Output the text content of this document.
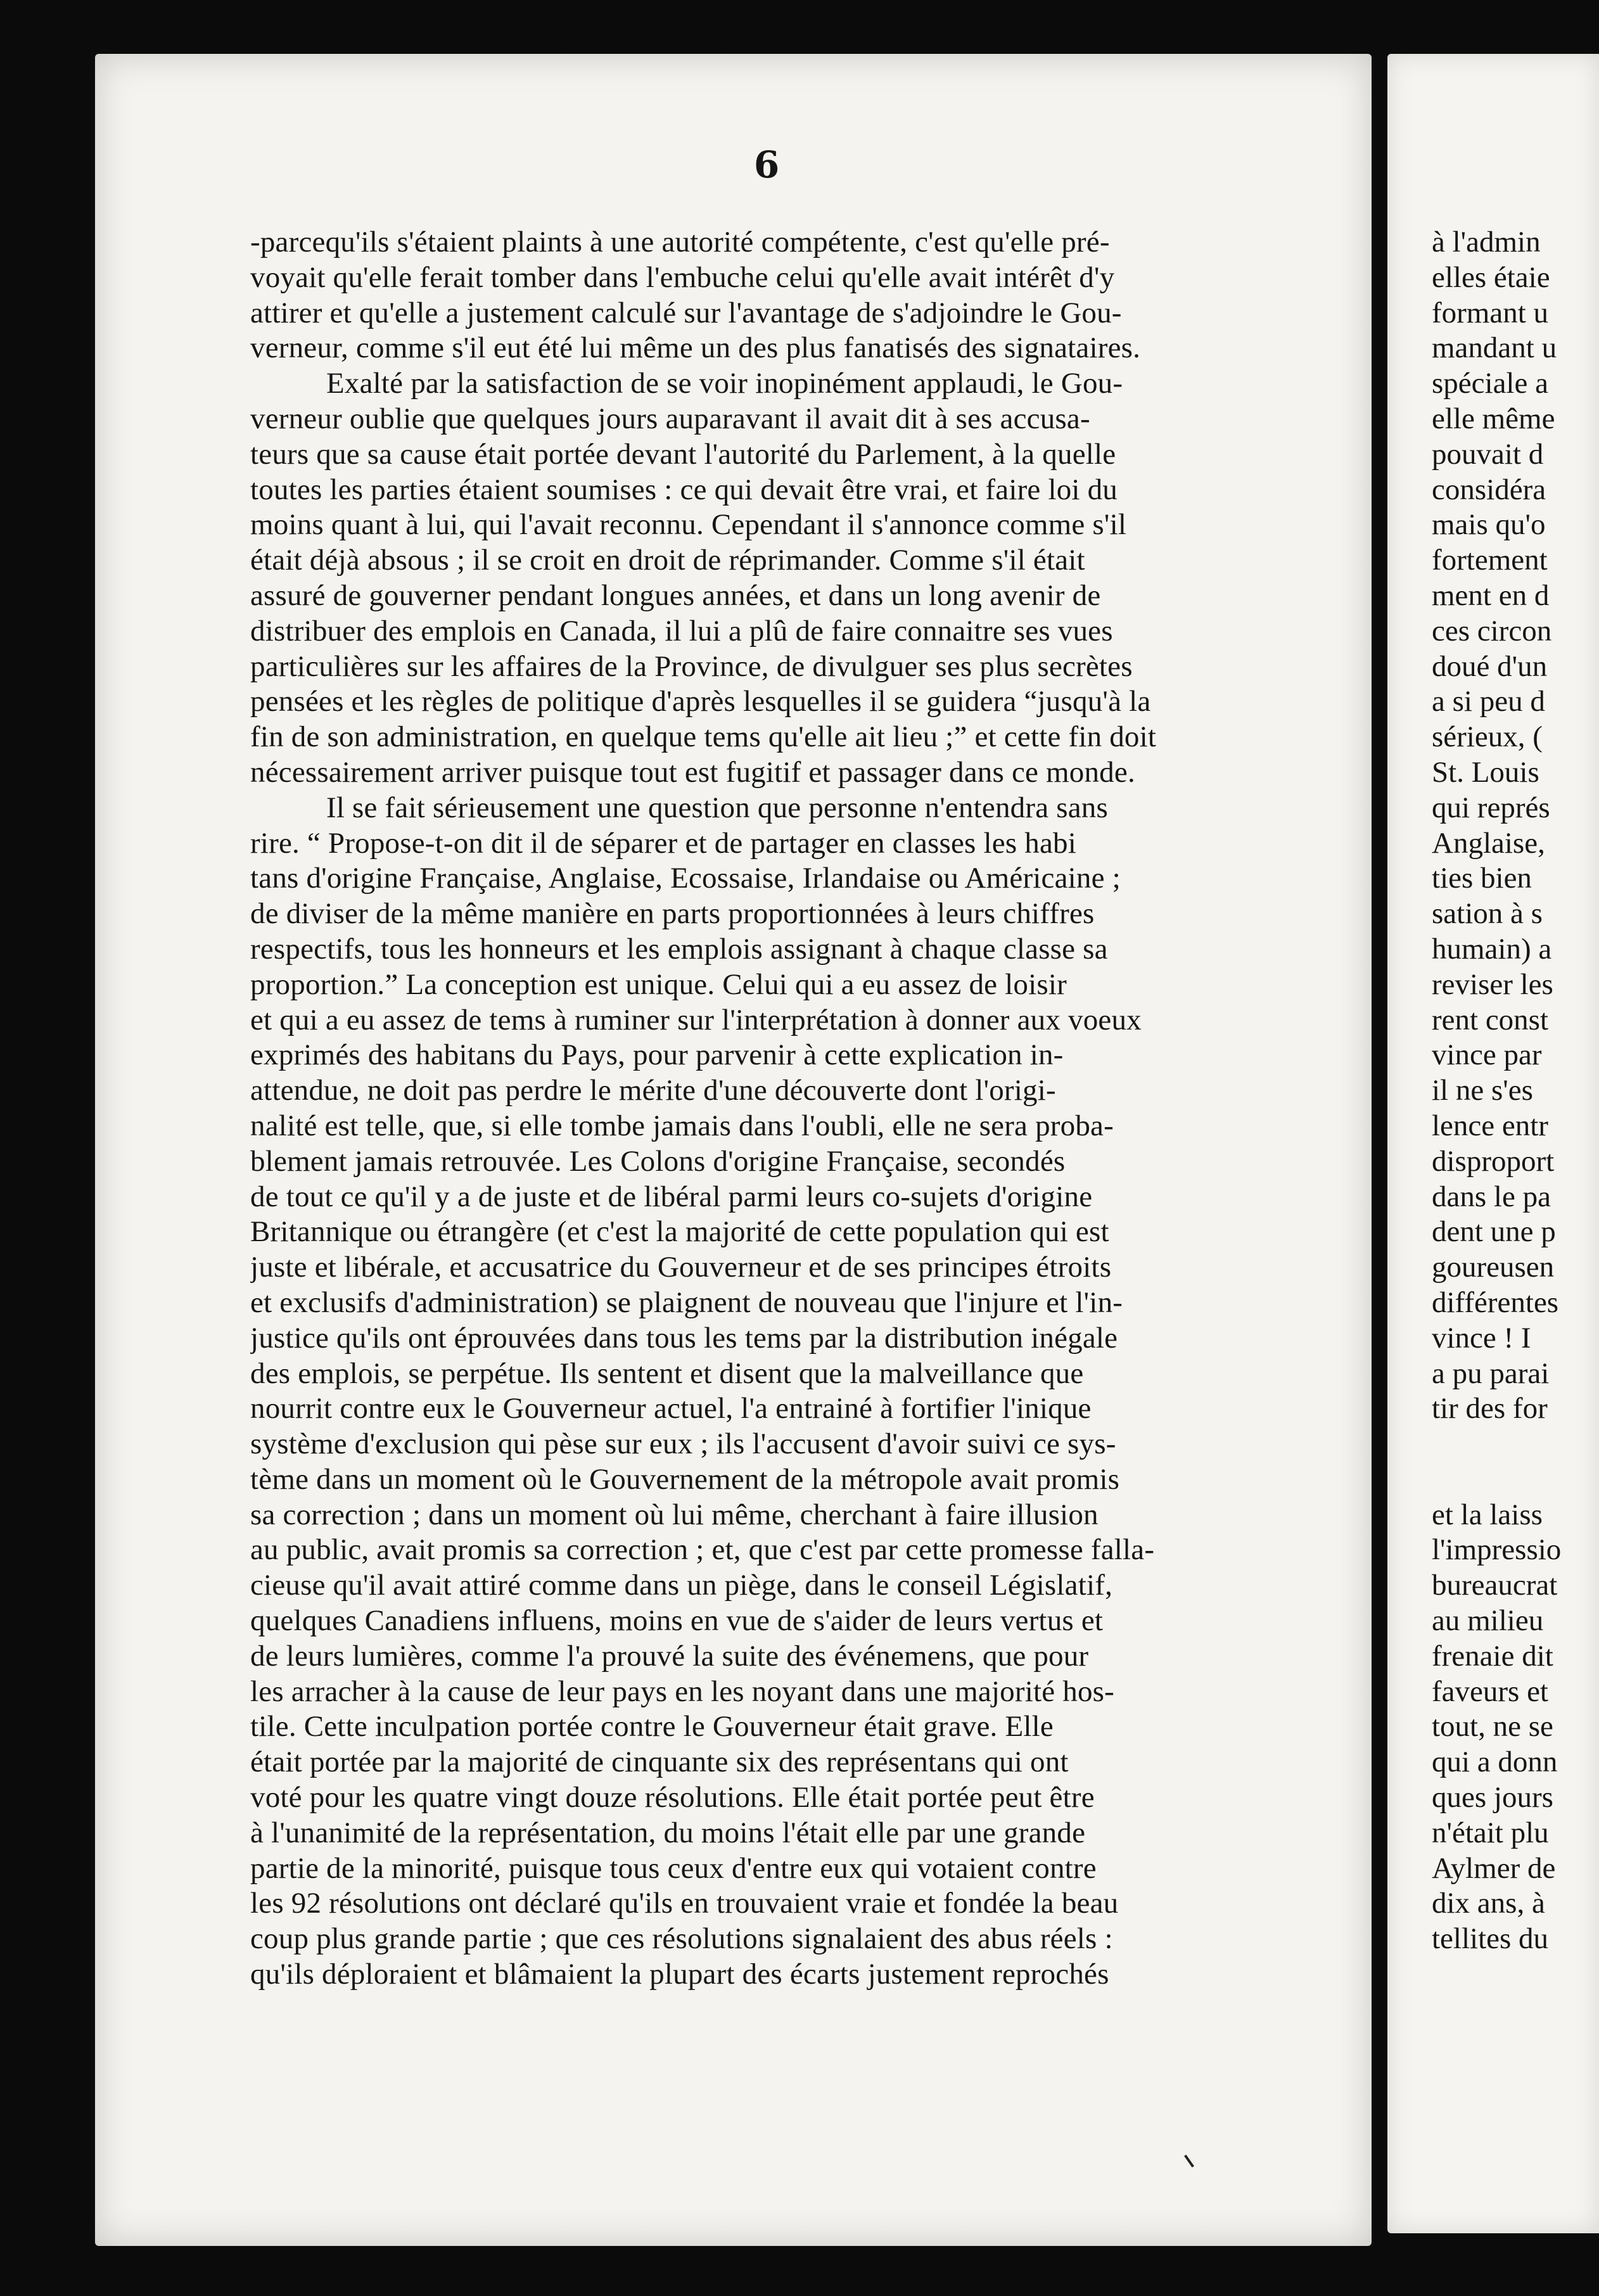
6
-parcequ'ils s'étaient plaints à une autorité compétente, c'est qu'elle pré-
voyait qu'elle ferait tomber dans l'embuche celui qu'elle avait intérêt d'y
attirer et qu'elle a justement calculé sur l'avantage de s'adjoindre le Gou-
verneur, comme s'il eut été lui même un des plus fanatisés des signataires.
Exalté par la satisfaction de se voir inopinément applaudi, le Gou-
verneur oublie que quelques jours auparavant il avait dit à ses accusa-
teurs que sa cause était portée devant l'autorité du Parlement, à la quelle
toutes les parties étaient soumises : ce qui devait être vrai, et faire loi du
moins quant à lui, qui l'avait reconnu. Cependant il s'annonce comme s'il
était déjà absous ; il se croit en droit de réprimander. Comme s'il était
assuré de gouverner pendant longues années, et dans un long avenir de
distribuer des emplois en Canada, il lui a plû de faire connaitre ses vues
particulières sur les affaires de la Province, de divulguer ses plus secrètes
pensées et les règles de politique d'après lesquelles il se guidera “jusqu'à la
fin de son administration, en quelque tems qu'elle ait lieu ;” et cette fin doit
nécessairement arriver puisque tout est fugitif et passager dans ce monde.
Il se fait sérieusement une question que personne n'entendra sans
rire. “ Propose-t-on dit il de séparer et de partager en classes les habi
tans d'origine Française, Anglaise, Ecossaise, Irlandaise ou Américaine ;
de diviser de la même manière en parts proportionnées à leurs chiffres
respectifs, tous les honneurs et les emplois assignant à chaque classe sa
proportion.” La conception est unique. Celui qui a eu assez de loisir
et qui a eu assez de tems à ruminer sur l'interprétation à donner aux voeux
exprimés des habitans du Pays, pour parvenir à cette explication in-
attendue, ne doit pas perdre le mérite d'une découverte dont l'origi-
nalité est telle, que, si elle tombe jamais dans l'oubli, elle ne sera proba-
blement jamais retrouvée. Les Colons d'origine Française, secondés
de tout ce qu'il y a de juste et de libéral parmi leurs co-sujets d'origine
Britannique ou étrangère (et c'est la majorité de cette population qui est
juste et libérale, et accusatrice du Gouverneur et de ses principes étroits
et exclusifs d'administration) se plaignent de nouveau que l'injure et l'in-
justice qu'ils ont éprouvées dans tous les tems par la distribution inégale
des emplois, se perpétue. Ils sentent et disent que la malveillance que
nourrit contre eux le Gouverneur actuel, l'a entrainé à fortifier l'inique
système d'exclusion qui pèse sur eux ; ils l'accusent d'avoir suivi ce sys-
tème dans un moment où le Gouvernement de la métropole avait promis
sa correction ; dans un moment où lui même, cherchant à faire illusion
au public, avait promis sa correction ; et, que c'est par cette promesse falla-
cieuse qu'il avait attiré comme dans un piège, dans le conseil Législatif,
quelques Canadiens influens, moins en vue de s'aider de leurs vertus et
de leurs lumières, comme l'a prouvé la suite des événemens, que pour
les arracher à la cause de leur pays en les noyant dans une majorité hos-
tile. Cette inculpation portée contre le Gouverneur était grave. Elle
était portée par la majorité de cinquante six des représentans qui ont
voté pour les quatre vingt douze résolutions. Elle était portée peut être
à l'unanimité de la représentation, du moins l'était elle par une grande
partie de la minorité, puisque tous ceux d'entre eux qui votaient contre
les 92 résolutions ont déclaré qu'ils en trouvaient vraie et fondée la beau
coup plus grande partie ; que ces résolutions signalaient des abus réels :
qu'ils déploraient et blâmaient la plupart des écarts justement reprochés
à l'admin
elles étaie
formant u
mandant u
spéciale a
elle même
pouvait d
considéra
mais qu'o
fortement
ment en d
ces circon
doué d'un
a si peu d
sérieux, (
St. Louis
qui représ
Anglaise,
ties bien
sation à s
humain) a
reviser les
rent const
vince par
il ne s'es
lence entr
disproport
dans le pa
dent une p
goureusen
différentes
vince ! I
a pu parai
tir des for
et la laiss
l'impressio
bureaucrat
au milieu
frenaie dit
faveurs et
tout, ne se
qui a donn
ques jours
n'était plu
Aylmer de
dix ans, à
tellites du
